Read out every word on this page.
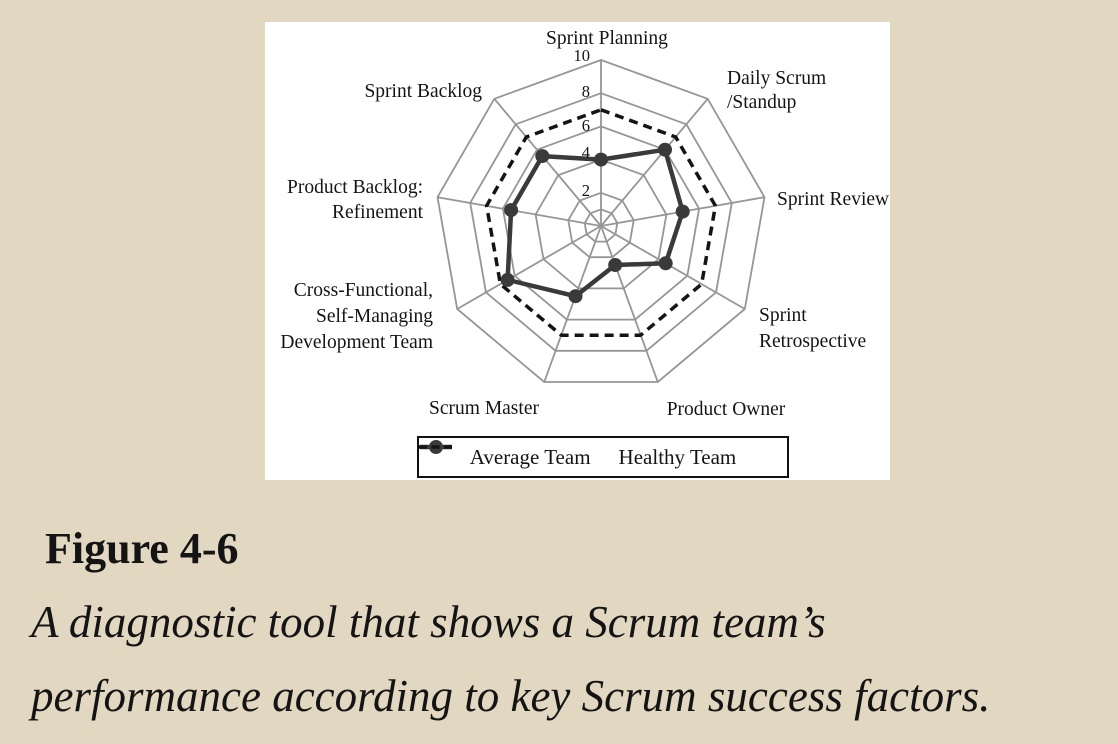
10
8
6
4
2
Sprint Planning
Daily Scrum
/Standup
Sprint Review
Sprint
Retrospective
Product Owner
Scrum Master
Cross-Functional,
Self-Managing
Development Team
Product Backlog:
Refinement
Sprint Backlog
Average Team Healthy Team
Figure 4-6
A diagnostic tool that shows a Scrum team’s
performance according to key Scrum success factors.
